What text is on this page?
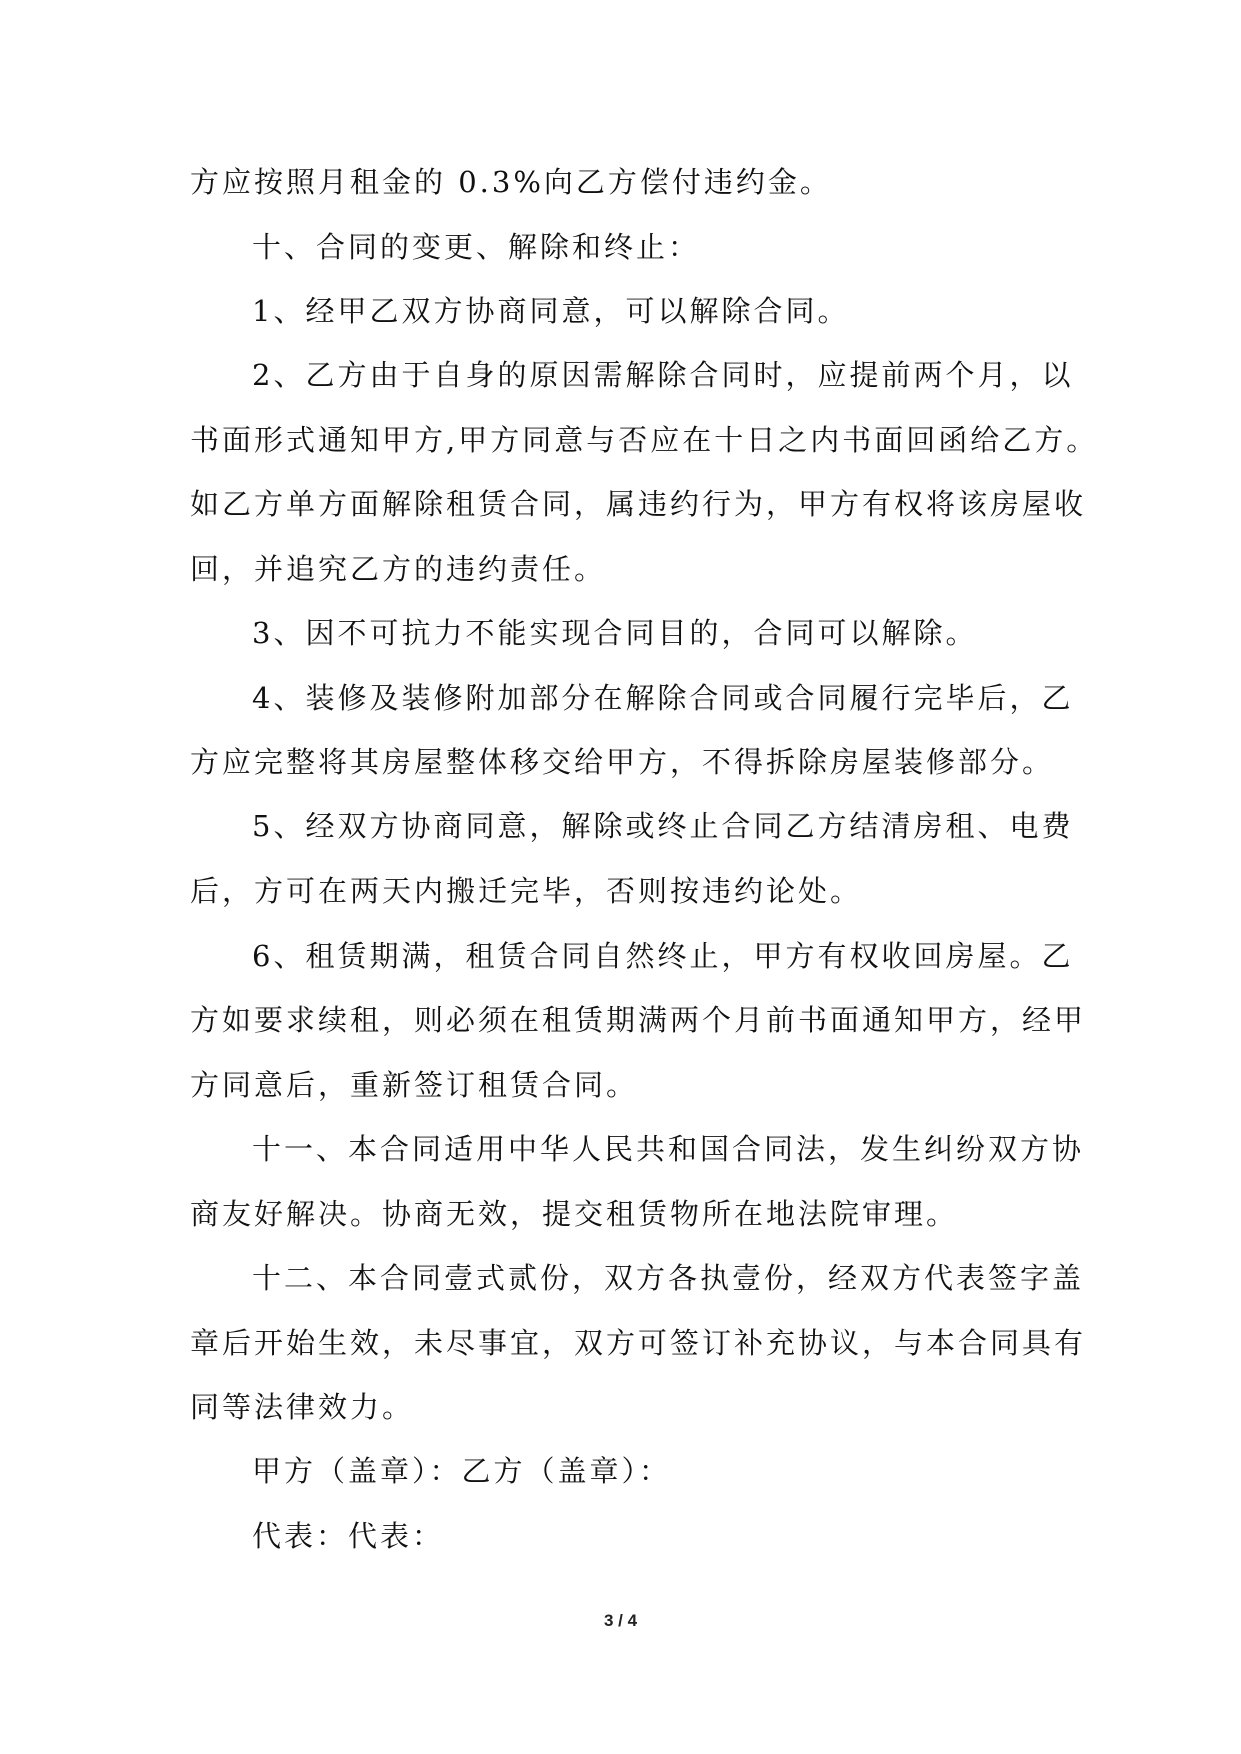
方应按照月租金的 0.3%向乙方偿付违约金。
十、合同的变更、解除和终止：
1、经甲乙双方协商同意，可以解除合同。
2、乙方由于自身的原因需解除合同时，应提前两个月，以
书面形式通知甲方,甲方同意与否应在十日之内书面回函给乙方。
如乙方单方面解除租赁合同，属违约行为，甲方有权将该房屋收
回，并追究乙方的违约责任。
3、因不可抗力不能实现合同目的，合同可以解除。
4、装修及装修附加部分在解除合同或合同履行完毕后，乙
方应完整将其房屋整体移交给甲方，不得拆除房屋装修部分。
5、经双方协商同意，解除或终止合同乙方结清房租、电费
后，方可在两天内搬迁完毕，否则按违约论处。
6、租赁期满，租赁合同自然终止，甲方有权收回房屋。乙
方如要求续租，则必须在租赁期满两个月前书面通知甲方，经甲
方同意后，重新签订租赁合同。
十一、本合同适用中华人民共和国合同法，发生纠纷双方协
商友好解决。协商无效，提交租赁物所在地法院审理。
十二、本合同壹式贰份，双方各执壹份，经双方代表签字盖
章后开始生效，未尽事宜，双方可签订补充协议，与本合同具有
同等法律效力。
甲方（盖章）：乙方（盖章）：
代表：代表：
3 / 4
